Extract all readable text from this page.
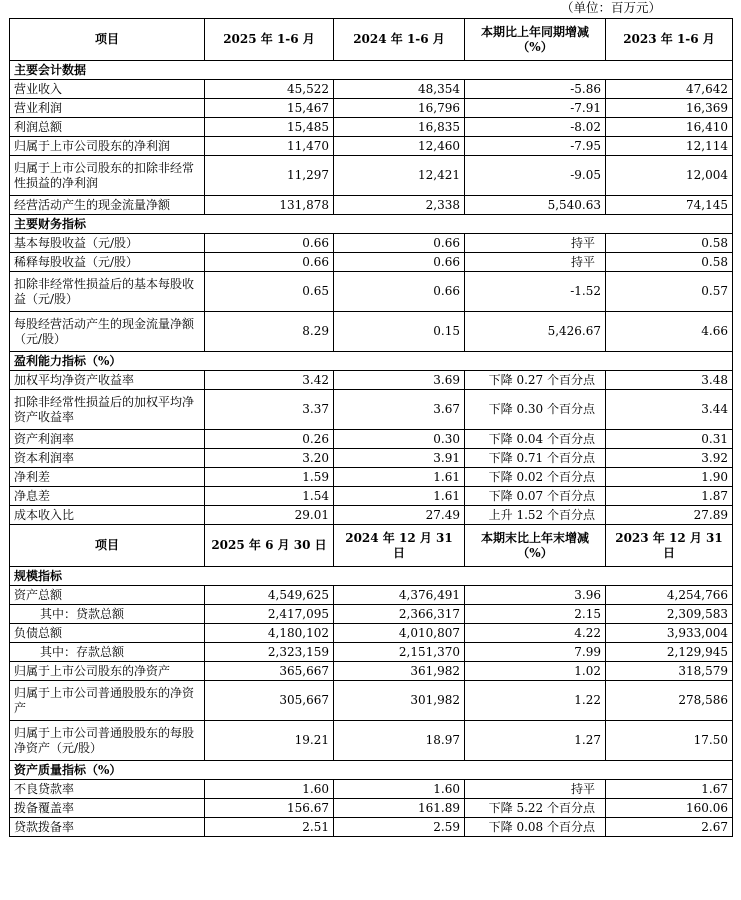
（单位：百万元）
项目	2025 年 1-6 月	2024 年 1-6 月	本期比上年同期增减（%）	2023 年 1-6 月
主要会计数据				
营业收入	45,522	48,354	-5.86	47,642
营业利润	15,467	16,796	-7.91	16,369
利润总额	15,485	16,835	-8.02	16,410
归属于上市公司股东的净利润	11,470	12,460	-7.95	12,114
归属于上市公司股东的扣除非经常性损益的净利润	11,297	12,421	-9.05	12,004
经营活动产生的现金流量净额	131,878	2,338	5,540.63	74,145
主要财务指标				
基本每股收益（元/股）	0.66	0.66	持平	0.58
稀释每股收益（元/股）	0.66	0.66	持平	0.58
扣除非经常性损益后的基本每股收益（元/股）	0.65	0.66	-1.52	0.57
每股经营活动产生的现金流量净额（元/股）	8.29	0.15	5,426.67	4.66
盈利能力指标（%）				
加权平均净资产收益率	3.42	3.69	下降 0.27 个百分点	3.48
扣除非经常性损益后的加权平均净资产收益率	3.37	3.67	下降 0.30 个百分点	3.44
资产利润率	0.26	0.30	下降 0.04 个百分点	0.31
资本利润率	3.20	3.91	下降 0.71 个百分点	3.92
净利差	1.59	1.61	下降 0.02 个百分点	1.90
净息差	1.54	1.61	下降 0.07 个百分点	1.87
成本收入比	29.01	27.49	上升 1.52 个百分点	27.89
项目	2025 年 6 月 30 日	2024 年 12 月 31 日	本期末比上年末增减（%）	2023 年 12 月 31 日
规模指标				
资产总额	4,549,625	4,376,491	3.96	4,254,766
其中：贷款总额	2,417,095	2,366,317	2.15	2,309,583
负债总额	4,180,102	4,010,807	4.22	3,933,004
其中：存款总额	2,323,159	2,151,370	7.99	2,129,945
归属于上市公司股东的净资产	365,667	361,982	1.02	318,579
归属于上市公司普通股股东的净资产	305,667	301,982	1.22	278,586
归属于上市公司普通股股东的每股净资产（元/股）	19.21	18.97	1.27	17.50
资产质量指标（%）				
不良贷款率	1.60	1.60	持平	1.67
拨备覆盖率	156.67	161.89	下降 5.22 个百分点	160.06
贷款拨备率	2.51	2.59	下降 0.08 个百分点	2.67
